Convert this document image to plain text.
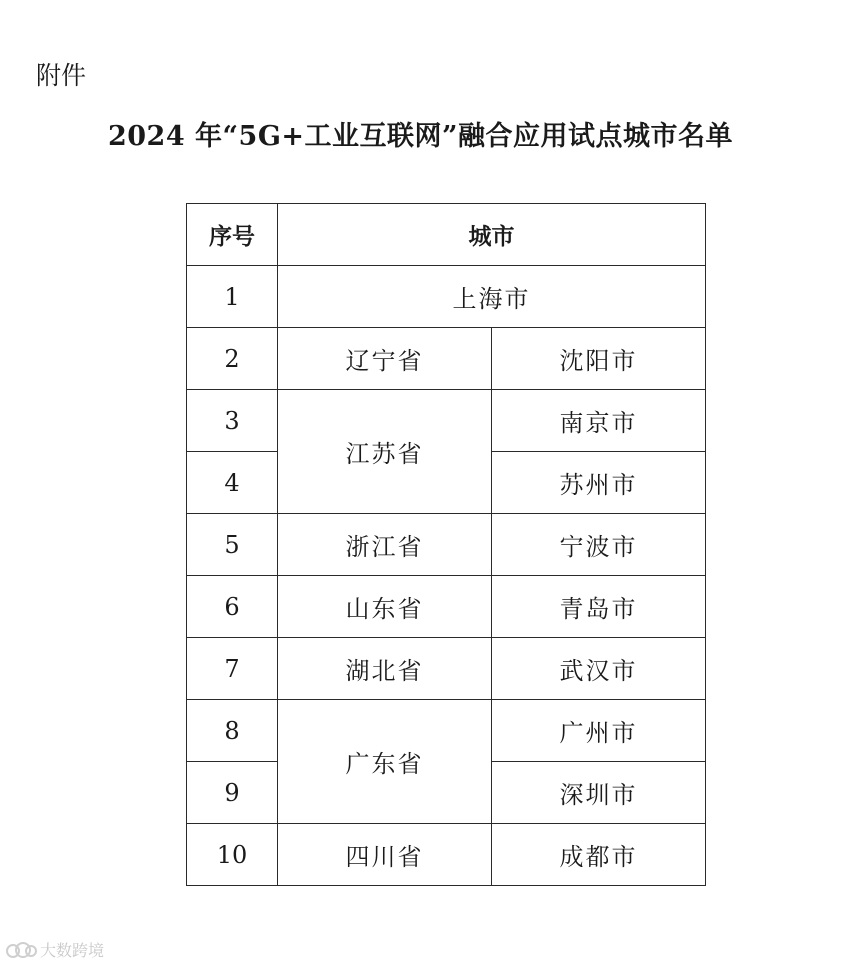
附件
2024 年“5G+工业互联网”融合应用试点城市名单
序号	城市	
1	上海市	
2	辽宁省	沈阳市
3	江苏省	南京市
4		苏州市
5	浙江省	宁波市
6	山东省	青岛市
7	湖北省	武汉市
8	广东省	广州市
9		深圳市
10	四川省	成都市
大数跨境
